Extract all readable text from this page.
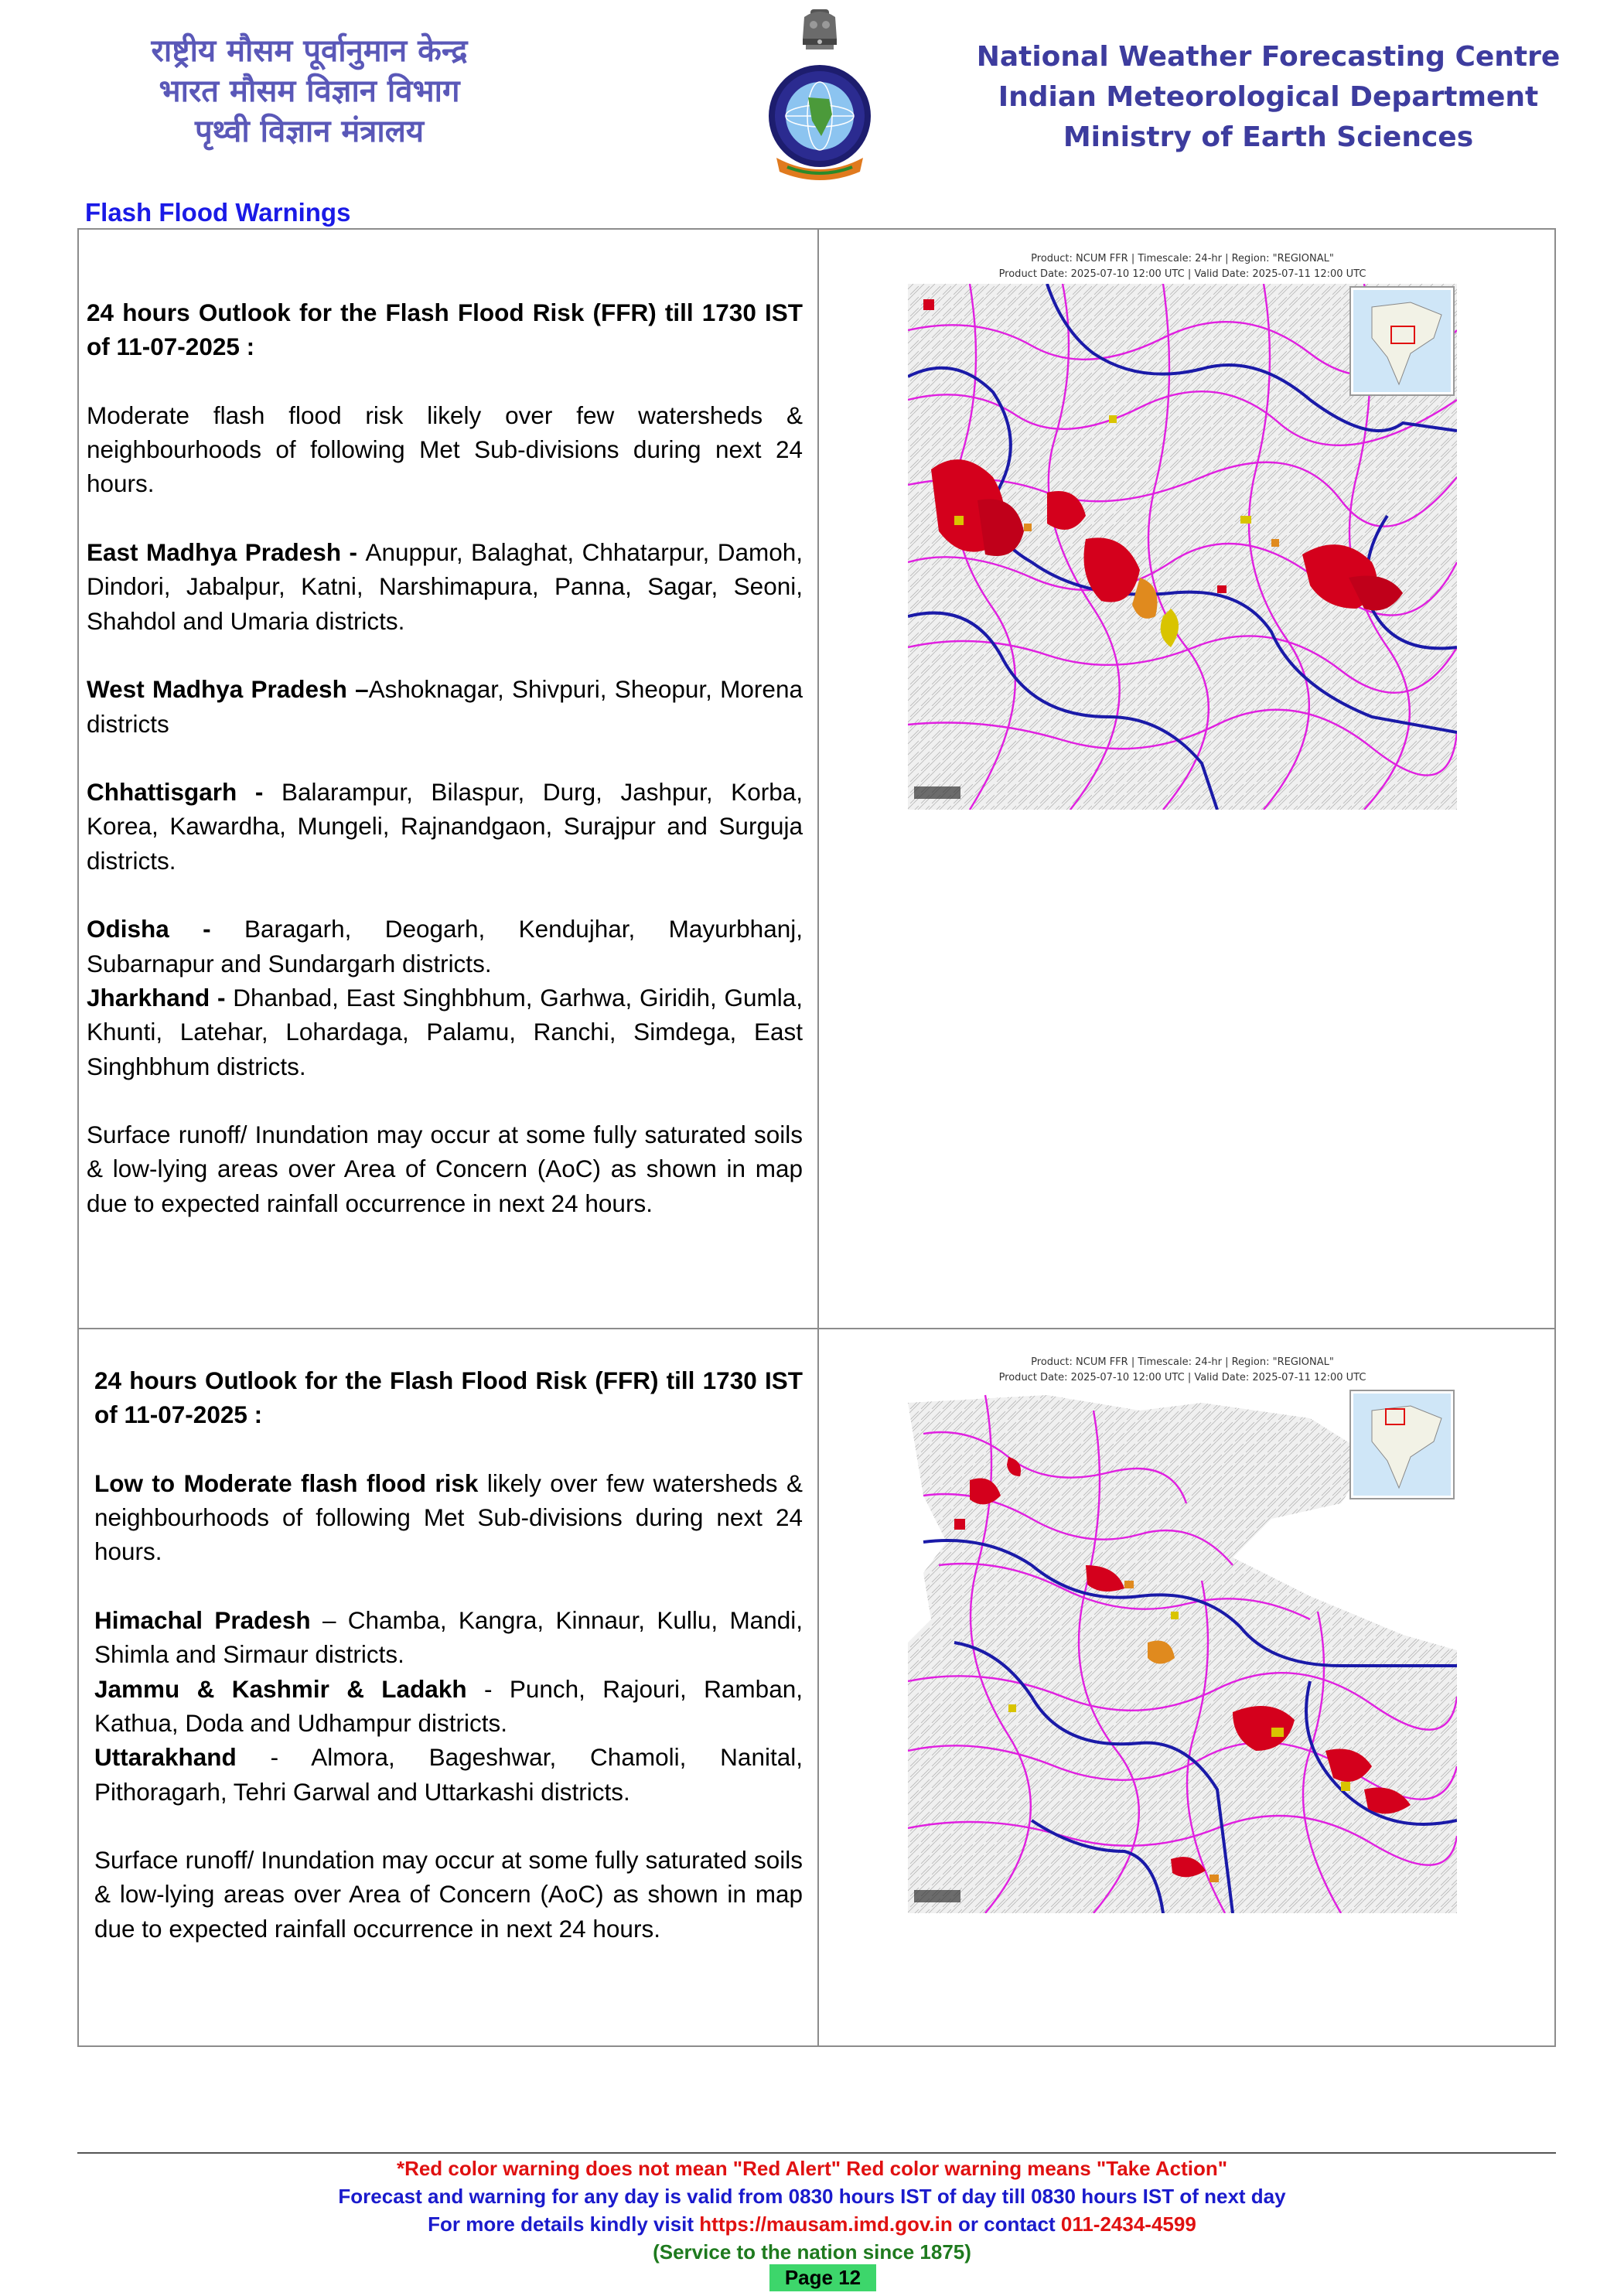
राष्ट्रीय मौसम पूर्वानुमान केन्द्र
भारत मौसम विज्ञान विभाग
पृथ्वी विज्ञान मंत्रालय
National Weather Forecasting Centre
Indian Meteorological Department
Ministry of Earth Sciences
Flash Flood Warnings

24 hours Outlook for the Flash Flood Risk (FFR) till 1730 IST of 11-07-2025 :

Moderate flash flood risk likely over few watersheds & neighbourhoods of following Met Sub-divisions during next 24 hours.

East Madhya Pradesh - Anuppur, Balaghat, Chhatarpur, Damoh, Dindori, Jabalpur, Katni, Narshimapura, Panna, Sagar, Seoni, Shahdol and Umaria districts.

West Madhya Pradesh –Ashoknagar, Shivpuri, Sheopur, Morena districts

Chhattisgarh - Balarampur, Bilaspur, Durg, Jashpur, Korba, Korea, Kawardha, Mungeli, Rajnandgaon, Surajpur and Surguja districts.

Odisha - Baragarh, Deogarh, Kendujhar, Mayurbhanj, Subarnapur and Sundargarh districts.

Jharkhand - Dhanbad, East Singhbhum, Garhwa, Giridih, Gumla, Khunti, Latehar, Lohardaga, Palamu, Ranchi, Simdega, East Singhbhum districts.

Surface runoff/ Inundation may occur at some fully saturated soils & low-lying areas over Area of Concern (AoC) as shown in map due to expected rainfall occurrence in next 24 hours.

Product: NCUM FFR | Timescale: 24-hr | Region: "REGIONAL"
Product Date: 2025-07-10 12:00 UTC | Valid Date: 2025-07-11 12:00 UTC

24 hours Outlook for the Flash Flood Risk (FFR) till 1730 IST of 11-07-2025 :

Low to Moderate flash flood risk likely over few watersheds & neighbourhoods of following Met Sub-divisions during next 24 hours.

Himachal Pradesh – Chamba, Kangra, Kinnaur, Kullu, Mandi, Shimla and Sirmaur districts.

Jammu & Kashmir & Ladakh - Punch, Rajouri, Ramban, Kathua, Doda and Udhampur districts.

Uttarakhand - Almora, Bageshwar, Chamoli, Nanital, Pithoragarh, Tehri Garwal and Uttarkashi districts.

Surface runoff/ Inundation may occur at some fully saturated soils & low-lying areas over Area of Concern (AoC) as shown in map due to expected rainfall occurrence in next 24 hours.

Product: NCUM FFR | Timescale: 24-hr | Region: "REGIONAL"
Product Date: 2025-07-10 12:00 UTC | Valid Date: 2025-07-11 12:00 UTC
*Red color warning does not mean "Red Alert" Red color warning means "Take Action"
Forecast and warning for any day is valid from 0830 hours IST of day till 0830 hours IST of next day
For more details kindly visit https://mausam.imd.gov.in or contact 011-2434-4599
(Service to the nation since 1875)
Page 12
